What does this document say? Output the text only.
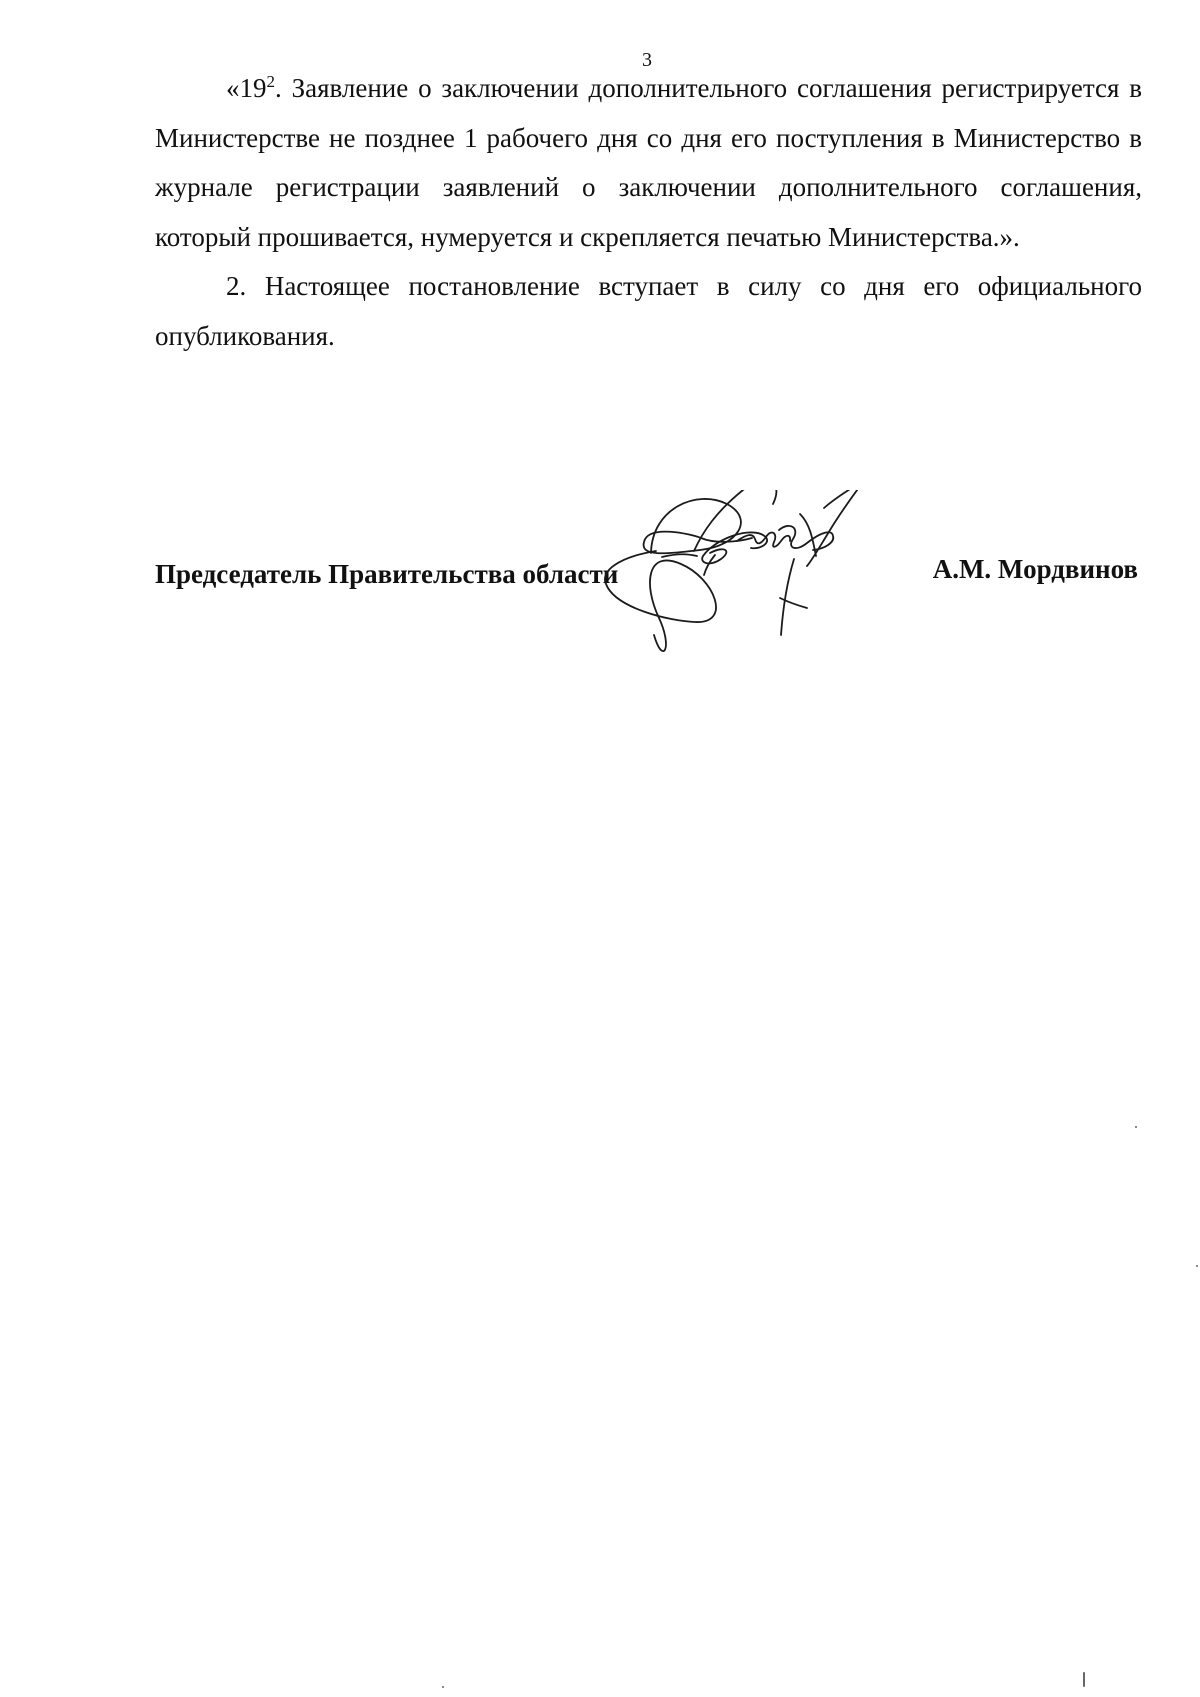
3

«$19^2$. Заявление о заключении дополнительного соглашения регистрируется в Министерстве не позднее 1 рабочего дня со дня его поступления в Министерство в журнале регистрации заявлений о заключении дополнительного соглашения, который прошивается, нумеруется и скрепляется печатью Министерства.».

2. Настоящее постановление вступает в силу со дня его официального опубликования.

Председатель Правительства области	А.М. Мордвинов
